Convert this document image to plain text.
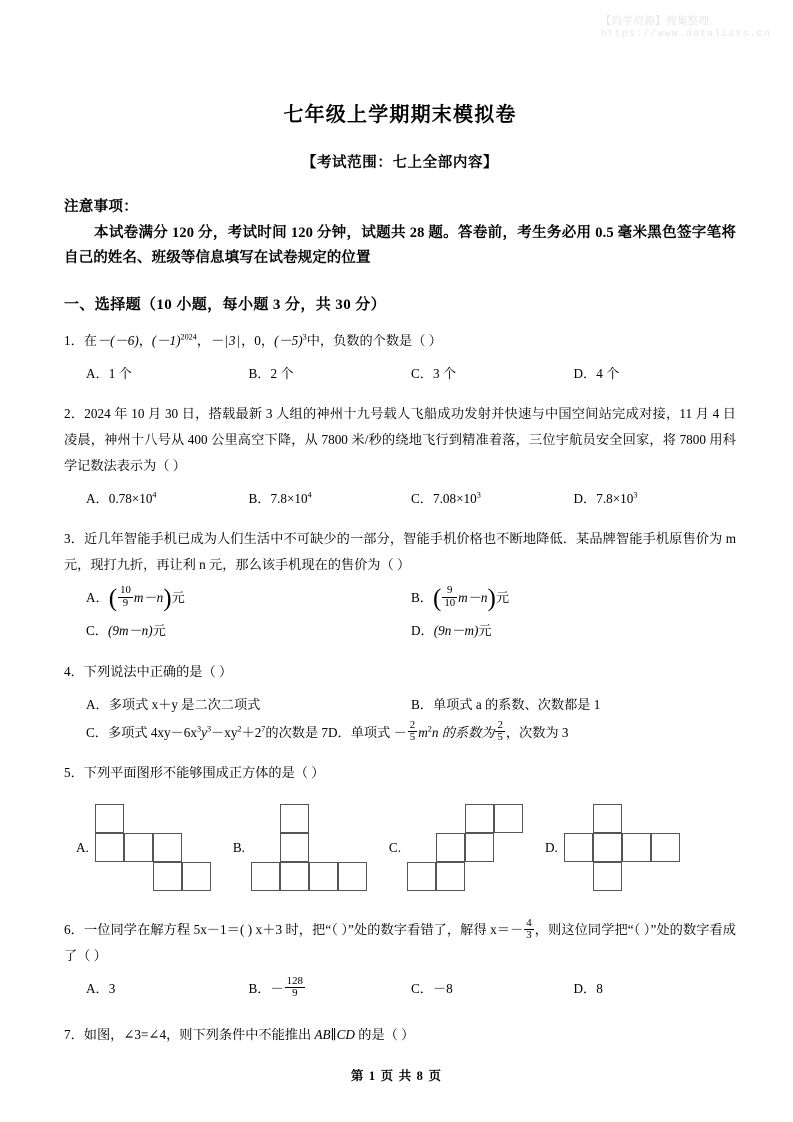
【尚学资源】搜集整理.
https://www.datalists.cn
七年级上学期期末模拟卷
【考试范围：七上全部内容】
注意事项：
本试卷满分 120 分，考试时间 120 分钟，试题共 28 题。答卷前，考生务必用 0.5 毫米黑色签字笔将自己的姓名、班级等信息填写在试卷规定的位置
一、选择题（10 小题，每小题 3 分，共 30 分）
1．在－(－6)，$(-1)^{2024}$，－|3|，0，$(-5)^3$中，负数的个数是（ ）
A．1 个	B．2 个	C．3 个	D．4 个
2．2024 年 10 月 30 日，搭载最新 3 人组的神州十九号载人飞船成功发射并快速与中国空间站完成对接，11 月 4 日凌晨，神州十八号从 400 公里高空下降，从 7800 米/秒的绕地飞行到精准着落，三位宇航员安全回家，将 7800 用科学记数法表示为（ ）
A．$0.78\times 10^4$	B．$7.8\times 10^4$	C．$7.08\times 10^3$	D．$7.8\times 10^3$
3．近几年智能手机已成为人们生活中不可缺少的一部分，智能手机价格也不断地降低．某品牌智能手机原售价为 m 元，现打九折，再让利 n 元，那么该手机现在的售价为（ ）
A．( $\frac{10}{9} m-n$)元	B．( $\frac{9}{10} m-n$)元
C．(9m－n)元	D．(9n－m)元
4．下列说法中正确的是（ ）
A．多项式 x＋y 是二次二项式	B．单项式 a 的系数、次数都是 1
C．多项式 $4xy-6x^3y^3-xy^2+2^7$的次数是 7D．单项式 － $\frac{2}{5} m^2n$ 的系数为 $\frac{2}{5}$ ，次数为 3
5．下列平面图形不能够围成正方体的是（ ）
A.	B.	C.	D.
6．一位同学在解方程 5x－1＝( ) x＋3 时，把“（ ）”处的数字看错了，解得 $x=- \frac{4}{3}$ ，则这位同学把“（ ）”处的数字看成了（ ）
A．3	B．－ $\frac{128}{9}$	C．－8	D．8
7．如图，∠3=∠4，则下列条件中不能推出 AB∥CD 的是（ ）
第 1 页 共 8 页
